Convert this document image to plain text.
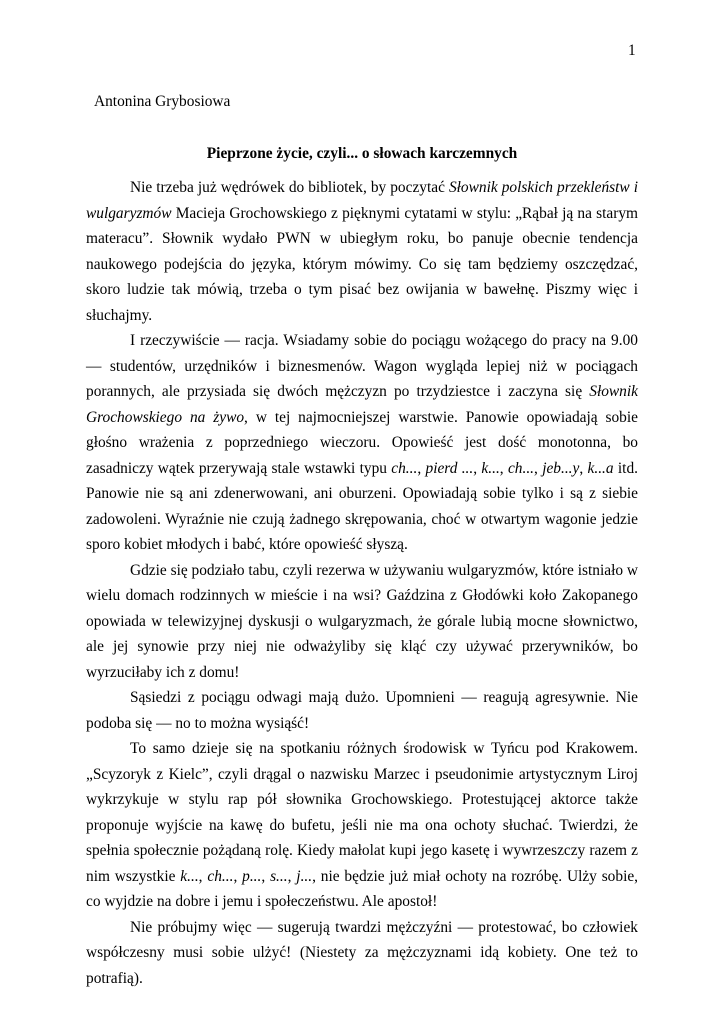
1
Antonina Grybosiowa
Pieprzone życie, czyli... o słowach karczemnych

Nie trzeba już wędrówek do bibliotek, by poczytać Słownik polskich przekleństw i wulgaryzmów Macieja Grochowskiego z pięknymi cytatami w stylu: „Rąbał ją na starym materacu”. Słownik wydało PWN w ubiegłym roku, bo panuje obecnie tendencja naukowego podejścia do języka, którym mówimy. Co się tam będziemy oszczędzać, skoro ludzie tak mówią, trzeba o tym pisać bez owijania w bawełnę. Piszmy więc i słuchajmy.

I rzeczywiście — racja. Wsiadamy sobie do pociągu wożącego do pracy na 9.00 — studentów, urzędników i biznesmenów. Wagon wygląda lepiej niż w pociągach porannych, ale przysiada się dwóch mężczyzn po trzydziestce i zaczyna się Słownik Grochowskiego na żywo, w tej najmocniejszej warstwie. Panowie opowiadają sobie głośno wrażenia z poprzedniego wieczoru. Opowieść jest dość monotonna, bo zasadniczy wątek przerywają stale wstawki typu ch..., pierd ..., k..., ch..., jeb...y, k...a itd. Panowie nie są ani zdenerwowani, ani oburzeni. Opowiadają sobie tylko i są z siebie zadowoleni. Wyraźnie nie czują żadnego skrępowania, choć w otwartym wagonie jedzie sporo kobiet młodych i babć, które opowieść słyszą.

Gdzie się podziało tabu, czyli rezerwa w używaniu wulgaryzmów, które istniało w wielu domach rodzinnych w mieście i na wsi? Gaździna z Głodówki koło Zakopanego opowiada w telewizyjnej dyskusji o wulgaryzmach, że górale lubią mocne słownictwo, ale jej synowie przy niej nie odważyliby się kląć czy używać przerywników, bo wyrzuciłaby ich z domu!

Sąsiedzi z pociągu odwagi mają dużo. Upomnieni — reagują agresywnie. Nie podoba się — no to można wysiąść!

To samo dzieje się na spotkaniu różnych środowisk w Tyńcu pod Krakowem. „Scyzoryk z Kielc”, czyli drągal o nazwisku Marzec i pseudonimie artystycznym Liroj wykrzykuje w stylu rap pół słownika Grochowskiego. Protestującej aktorce także proponuje wyjście na kawę do bufetu, jeśli nie ma ona ochoty słuchać. Twierdzi, że spełnia społecznie pożądaną rolę. Kiedy małolat kupi jego kasetę i wywrzeszczy razem z nim wszystkie k..., ch..., p..., s..., j..., nie będzie już miał ochoty na rozróbę. Ulży sobie, co wyjdzie na dobre i jemu i społeczeństwu. Ale apostoł!

Nie próbujmy więc — sugerują twardzi mężczyźni — protestować, bo człowiek współczesny musi sobie ulżyć! (Niestety za mężczyznami idą kobiety. One też to potrafią).
